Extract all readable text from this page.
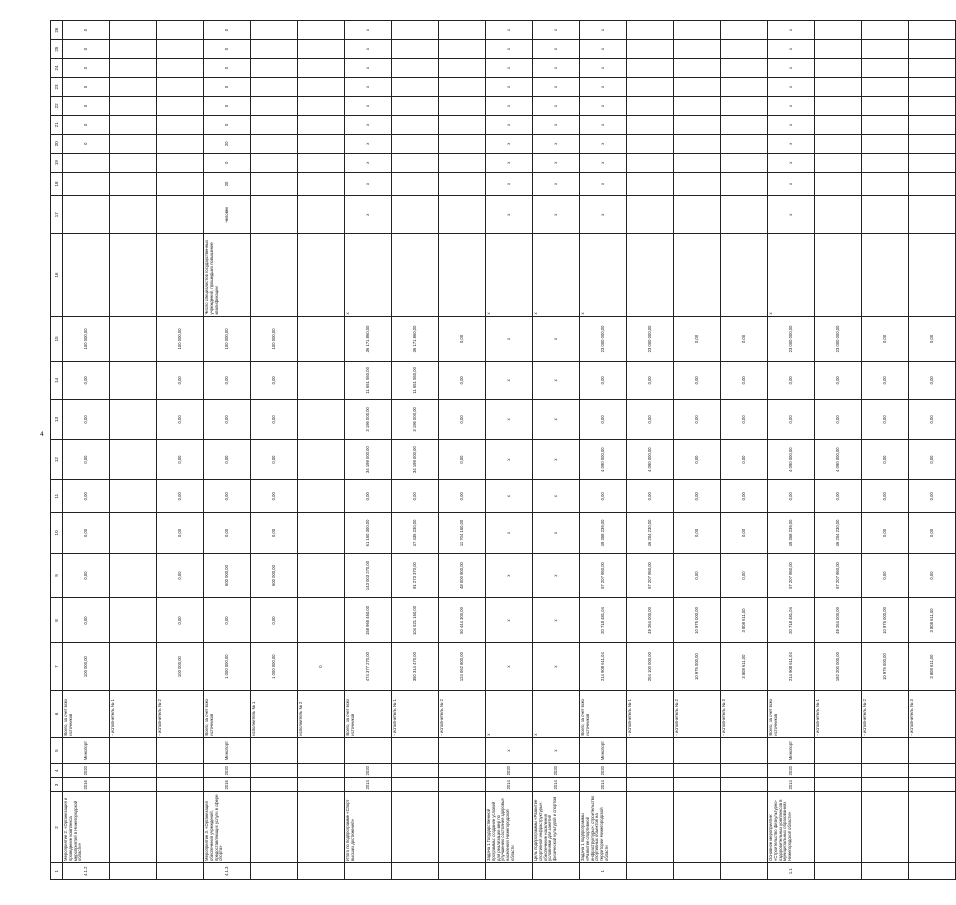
4
1	2	3	4	5	6	7	8	9	10	11	12	13	14	15	16	17	18	19	20	21	22	23	24	25	26
4.1.2	Мероприятие 2. «Организация и проведение комплекса мероприятий в Нижегородской области»	2016	2020	Минспорт	Всего, за счет всех источников	100 000,00	0,00	0,00	0,00	0,00	0,00	0,00	0,00	100 000,00					0	0	0	0	0	0	0
					- исполнитель № 1																				
					- исполнитель № 2	100 000,00	0,00	0,00	0,00	0,00	0,00	0,00	0,00	100 000,00											
4.1.3	Мероприятие 3. «Организация обеспечения учреждений, предоставляющих услуги в сфере спорта»	2016	2020	Минспорт	Всего, за счет всех источников	1 000 000,00	0,00	600 000,00	0,00	0,00	0,00	0,00	0,00	100 000,00	Число специалистов государственных учреждений, прошедших повышение квалификации	человек	20	0	20	0	0	0	0	0	0
					исполнитель № 1	1 000 000,00	0,00	600 000,00	0,00	0,00	0,00	0,00	0,00	100 000,00											
					исполнитель № 2	0																			
	Итого по подпрограмме «Спорт высших достижений»	2014	2020		Всего, за счет всех источников	474 377 270,00	158 965 460,00	143 003 270,00	61 150 300,00	0,00	34 199 000,00	3 195 000,00	11 651 550,00	36 171 860,00	x	x	x	x	x	x	x	x	x	x	x
					- исполнитель № 1	350 314 470,00	104 521 160,00	91 273 370,00	47 435 230,00	0,00	34 199 000,00	3 195 000,00	11 651 550,00	36 171 860,00											
					- исполнитель № 2	124 062 800,00	50 444 300,00	48 000 900,00	11 704 150,00	0,00	0,00	0,00	0,00	0,00											
	Задача 1 Государственной программы: создание условий для реализации мер по улучшению состояния здоровья населения Нижегородской области	2014	2020	x	x	x	x	x	x	x	x	x	x	x	x	x	x	x	x	x	x	x	x	x	x
	Цель подпрограммы «Развитие спортивной инфраструктуры»: обеспечение населения условиями для занятий физической культурой и спортом	2014	2020	x	x	x	x	x	x	x	x	x	x	x	x	x	x	x	x	x	x	x	x	x	x
1	Задача 1 подпрограммы «Развитие спортивной инфраструктуры»: строительство спортивных объектов на территории Нижегородской области	2014	2020	Минспорт	Всего, за счет всех источников	214 908 611,04	20 718 481,04	57 207 950,00	49 358 239,00	0,00	4 090 000,00	0,00	0,00	23 000 000,00	x	x	x	x	x	x	x	x	x	x	x
					- исполнитель № 1	204 100 000,00	49 264 000,00	57 207 950,00	46 204 230,00	0,00	4 090 000,00	0,00	0,00	23 000 000,00											
					- исполнитель № 2	10 975 000,00	10 975 000,00	0,00	0,00	0,00	0,00	0,00	0,00	0,00											
					- исполнитель № 3	3 808 611,00	3 808 611,00	0,00	0,00	0,00	0,00	0,00	0,00	0,00											
1.1	Основное мероприятие: «Строительство физкультурно-оздоровительных комплексов в муниципальных образованиях Нижегородской области»	2014	2020	Минспорт	Всего, за счет всех источников	214 908 611,04	20 718 481,04	57 207 950,00	49 358 239,00	0,00	4 090 000,00	0,00	0,00	23 000 000,00	x	x	x	x	x	x	x	x	x	x	x
					- исполнитель № 1	192 200 000,00	49 264 000,00	57 207 950,00	46 204 230,00	0,00	4 090 000,00	0,00	0,00	23 000 000,00											
					- исполнитель № 2	10 975 000,00	10 975 000,00	0,00	0,00	0,00	0,00	0,00	0,00	0,00											
					- исполнитель № 3	3 808 611,00	3 808 611,00	0,00	0,00	0,00	0,00	0,00	0,00	0,00											
